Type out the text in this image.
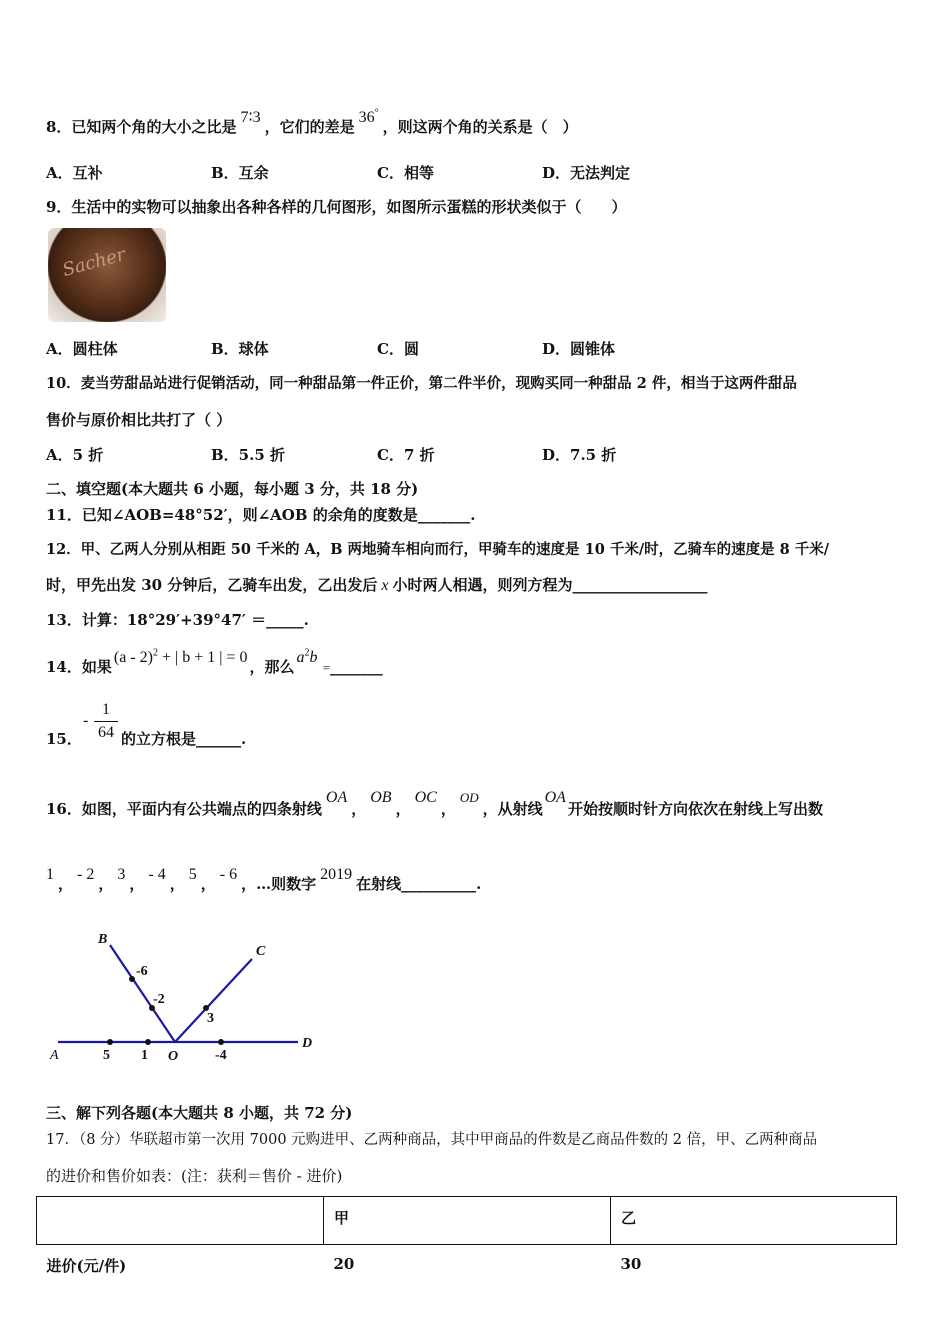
8．已知两个角的大小之比是7∶3，它们的差是36°，则这两个角的关系是（　）
A．互补	B．互余	C．相等	D．无法判定
9．生活中的实物可以抽象出各种各样的几何图形，如图所示蛋糕的形状类似于（　　）
Sacher
A．圆柱体	B．球体	C．圆	D．圆锥体
10．麦当劳甜品站进行促销活动，同一种甜品第一件正价，第二件半价，现购买同一种甜品 2 件，相当于这两件甜品
售价与原价相比共打了（ ）
A．5 折	B．5.5 折	C．7 折	D．7.5 折
二、填空题(本大题共 6 小题，每小题 3 分，共 18 分)
11．已知∠AOB=48°52′，则∠AOB 的余角的度数是_______.
12．甲、乙两人分别从相距 50 千米的 A，B 两地骑车相向而行，甲骑车的速度是 10 千米/时，乙骑车的速度是 8 千米/
时，甲先出发 30 分钟后，乙骑车出发，乙出发后 x 小时两人相遇，则列方程为__________________
13．计算：18°29′+39°47′ ＝_____.
14．如果(a - 2)$^2$ + | b + 1 | = 0，那么$a^2b$ =_______
15．
-
1
64 的立方根是______.
16．如图，平面内有公共端点的四条射线OA，OB，OC，OD，从射线OA开始按顺时针方向依次在射线上写出数
1，- 2，3，- 4，5，- 6，…则数字2019在射线__________.
A
B
C
D
O
5 1	-4
3
-2
-6
三、解下列各题(本大题共 8 小题，共 72 分)
17．（8 分）华联超市第一次用 7000 元购进甲、乙两种商品，其中甲商品的件数是乙商品件数的 2 倍，甲、乙两种商品
的进价和售价如表：(注：获利＝售价 - 进价)
	甲	乙
进价(元/件)	20	30
